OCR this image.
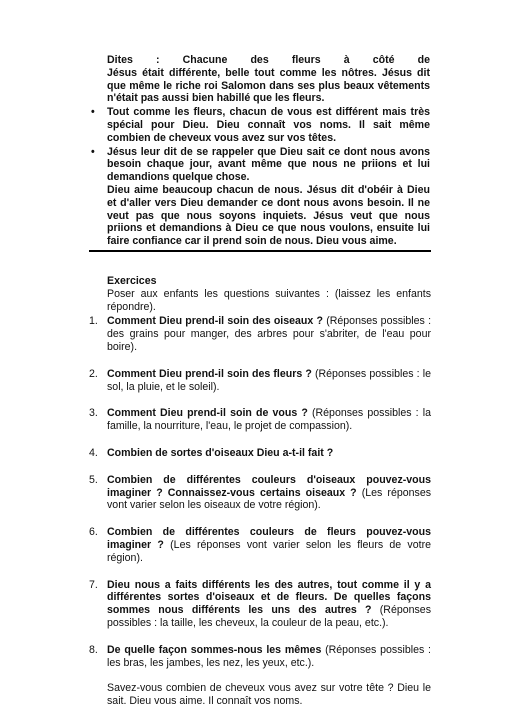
Dites : Chacune des fleurs à côté de
Jésus était différente, belle tout comme les nôtres. Jésus dit que même le riche roi Salomon dans ses plus beaux vêtements n'était pas aussi bien habillé que les fleurs.

• Tout comme les fleurs, chacun de vous est différent mais très spécial pour Dieu. Dieu connaît vos noms. Il sait même combien de cheveux vous avez sur vos têtes.

• Jésus leur dit de se rappeler que Dieu sait ce dont nous avons besoin chaque jour, avant même que nous ne priions et lui demandions quelque chose.

Dieu aime beaucoup chacun de nous. Jésus dit d'obéir à Dieu et d'aller vers Dieu demander ce dont nous avons besoin. Il ne veut pas que nous soyons inquiets. Jésus veut que nous priions et demandions à Dieu ce que nous voulons, ensuite lui faire confiance car il prend soin de nous. Dieu vous aime.

Exercices

Poser aux enfants les questions suivantes : (laissez les enfants répondre).

1. Comment Dieu prend-il soin des oiseaux ? (Réponses possibles : des grains pour manger, des arbres pour s'abriter, de l'eau pour boire).

2. Comment Dieu prend-il soin des fleurs ? (Réponses possibles : le sol, la pluie, et le soleil).

3. Comment Dieu prend-il soin de vous ? (Réponses possibles : la famille, la nourriture, l'eau, le projet de compassion).

4. Combien de sortes d'oiseaux Dieu a-t-il fait ?

5. Combien de différentes couleurs d'oiseaux pouvez-vous imaginer ? Connaissez-vous certains oiseaux ? (Les réponses vont varier selon les oiseaux de votre région).

6. Combien de différentes couleurs de fleurs pouvez-vous imaginer ? (Les réponses vont varier selon les fleurs de votre région).

7. Dieu nous a faits différents les des autres, tout comme il y a différentes sortes d'oiseaux et de fleurs. De quelles façons sommes nous différents les uns des autres ? (Réponses possibles : la taille, les cheveux, la couleur de la peau, etc.).

8. De quelle façon sommes-nous les mêmes (Réponses possibles : les bras, les jambes, les nez, les yeux, etc.).

Savez-vous combien de cheveux vous avez sur votre tête ? Dieu le sait. Dieu vous aime. Il connaît vos noms.
